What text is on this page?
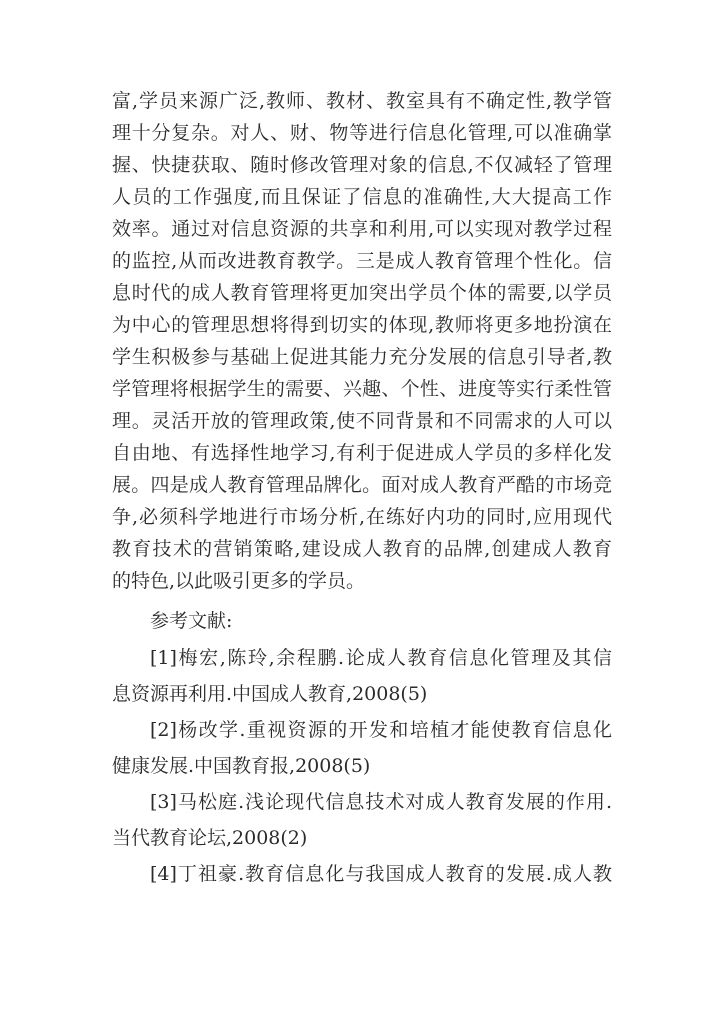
富,学员来源广泛,教师、教材、教室具有不确定性,教学管
理十分复杂。对人、财、物等进行信息化管理,可以准确掌
握、快捷获取、随时修改管理对象的信息,不仅减轻了管理
人员的工作强度,而且保证了信息的准确性,大大提高工作
效率。通过对信息资源的共享和利用,可以实现对教学过程
的监控,从而改进教育教学。三是成人教育管理个性化。信
息时代的成人教育管理将更加突出学员个体的需要,以学员
为中心的管理思想将得到切实的体现,教师将更多地扮演在
学生积极参与基础上促进其能力充分发展的信息引导者,教
学管理将根据学生的需要、兴趣、个性、进度等实行柔性管
理。灵活开放的管理政策,使不同背景和不同需求的人可以
自由地、有选择性地学习,有利于促进成人学员的多样化发
展。四是成人教育管理品牌化。面对成人教育严酷的市场竞
争,必须科学地进行市场分析,在练好内功的同时,应用现代
教育技术的营销策略,建设成人教育的品牌,创建成人教育
的特色,以此吸引更多的学员。
参考文献:
[1]梅宏,陈玲,余程鹏.论成人教育信息化管理及其信
息资源再利用.中国成人教育,2008(5)
[2]杨改学.重视资源的开发和培植才能使教育信息化
健康发展.中国教育报,2008(5)
[3]马松庭.浅论现代信息技术对成人教育发展的作用.
当代教育论坛,2008(2)
[4]丁祖豪.教育信息化与我国成人教育的发展.成人教
